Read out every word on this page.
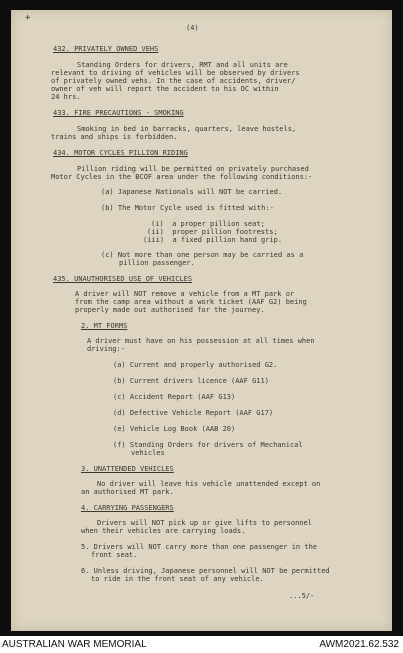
+

(4)

432. PRIVATELY OWNED VEHS

Standing Orders for drivers, RMT and all units are

relevant to driving of vehicles will be observed by drivers

of privately owned vehs. In the case of accidents, driver/

owner of veh will report the accident to his OC within

24 hrs.

433. FIRE PRECAUTIONS - SMOKING

Smoking in bed in barracks, quarters, leave hostels,

trains and ships is forbidden.

434. MOTOR CYCLES PILLION RIDING

Pillion riding will be permitted on privately purchased

Motor Cycles in the BCOF area under the following conditions:-

(a) Japanese Nationals will NOT be carried.

(b) The Motor Cycle used is fitted with:-

(i)  a proper pillion seat;

(ii)  proper pillion footrests;

(iii)  a fixed pillion hand grip.

(c) Not more than one person may be carried as a

pillion passenger.

435. UNAUTHORISED USE OF VEHICLES

A driver will NOT remove a vehicle from a MT park or

from the camp area without a work ticket (AAF G2) being

properly made out authorised for the journey.

2. MT FORMS

A driver must have on his possession at all times when

driving:-

(a) Current and properly authorised G2.

(b) Current drivers licence (AAF G11)

(c) Accident Report (AAF G13)

(d) Defective Vehicle Report (AAF G17)

(e) Vehicle Log Book (AAB 20)

(f) Standing Orders for drivers of Mechanical

vehicles

3. UNATTENDED VEHICLES

No driver will leave his vehicle unattended except on

an authorised MT park.

4. CARRYING PASSENGERS

Drivers will NOT pick up or give lifts to personnel

when their vehicles are carrying loads.

5. Drivers will NOT carry more than one passenger in the

front seat.

6. Unless driving, Japanese personnel will NOT be permitted

to ride in the front seat of any vehicle.

...5/-

AUSTRALIAN WAR MEMORIAL	AWM2021.62.532
